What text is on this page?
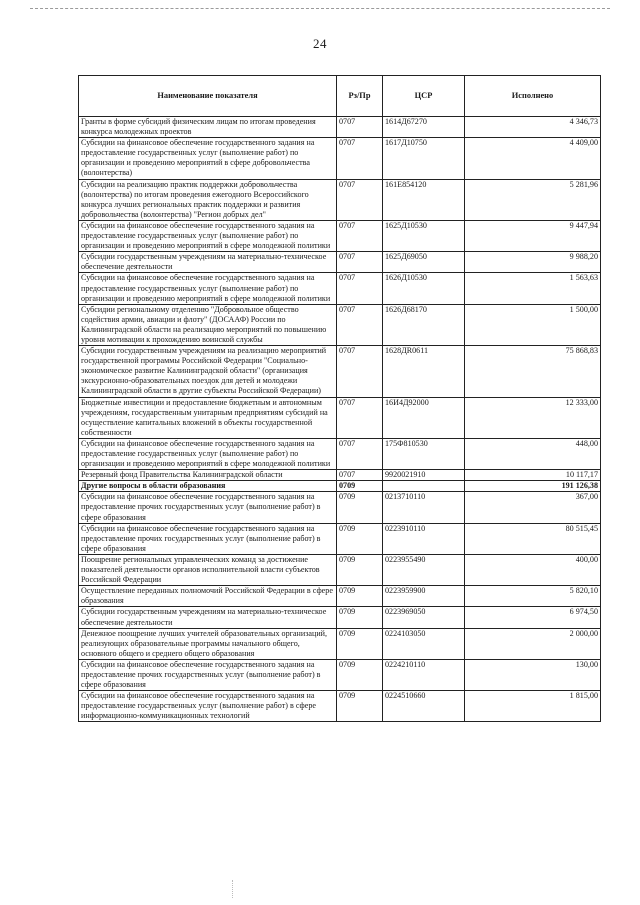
24
Наименование показателя	Рз/Пр	ЦСР	Исполнено
Гранты в форме субсидий физическим лицам по итогам проведения конкурса молодежных проектов	0707	1614Д67270	4 346,73
Субсидии на финансовое обеспечение государственного задания на предоставление государственных услуг (выполнение работ) по организации и проведению мероприятий в сфере добровольчества (волонтерства)	0707	1617Д10750	4 409,00
Субсидии на реализацию практик поддержки добровольчества (волонтерства) по итогам проведения ежегодного Всероссийского конкурса лучших региональных практик поддержки и развития добровольчества (волонтерства) "Регион добрых дел"	0707	161Е854120	5 281,96
Субсидии на финансовое обеспечение государственного задания на предоставление государственных услуг (выполнение работ) по организации и проведению мероприятий в сфере молодежной политики	0707	1625Д10530	9 447,94
Субсидии государственным учреждениям на материально-техническое обеспечение деятельности	0707	1625Д69050	9 988,20
Субсидии на финансовое обеспечение государственного задания на предоставление государственных услуг (выполнение работ) по организации и проведению мероприятий в сфере молодежной политики	0707	1626Д10530	1 563,63
Субсидии региональному отделению "Добровольное общество содействия армии, авиации и флоту" (ДОСААФ) России по Калининградской области на реализацию мероприятий по повышению уровня мотивации к прохождению воинской службы	0707	1626Д68170	1 500,00
Субсидии государственным учреждениям на реализацию мероприятий государственной программы Российской Федерации "Социально-экономическое развитие Калининградской области" (организация экскурсионно-образовательных поездок для детей и молодежи Калининградской области в другие субъекты Российской Федерации)	0707	1628ДR0611	75 868,83
Бюджетные инвестиции и предоставление бюджетным и автономным учреждениям, государственным унитарным предприятиям субсидий на осуществление капитальных вложений в объекты государственной собственности	0707	16И4Д92000	12 333,00
Субсидии на финансовое обеспечение государственного задания на предоставление государственных услуг (выполнение работ) по организации и проведению мероприятий в сфере молодежной политики	0707	175Ф810530	448,00
Резервный фонд Правительства Калининградской области	0707	9920021910	10 117,17
Другие вопросы в области образования	0709		191 126,38
Субсидии на финансовое обеспечение государственного задания на предоставление прочих государственных услуг (выполнение работ) в сфере образования	0709	0213710110	367,00
Субсидии на финансовое обеспечение государственного задания на предоставление прочих государственных услуг (выполнение работ) в сфере образования	0709	0223910110	80 515,45
Поощрение региональных управленческих команд за достижение показателей деятельности органов исполнительной власти субъектов Российской Федерации	0709	0223955490	400,00
Осуществление переданных полномочий Российской Федерации в сфере образования	0709	0223959900	5 820,10
Субсидии государственным учреждениям на материально-техническое обеспечение деятельности	0709	0223969050	6 974,50
Денежное поощрение лучших учителей образовательных организаций, реализующих образовательные программы начального общего, основного общего и среднего общего образования	0709	0224103050	2 000,00
Субсидии на финансовое обеспечение государственного задания на предоставление прочих государственных услуг (выполнение работ) в сфере образования	0709	0224210110	130,00
Субсидии на финансовое обеспечение государственного задания на предоставление государственных услуг (выполнение работ) в сфере информационно-коммуникационных технологий	0709	0224510660	1 815,00
